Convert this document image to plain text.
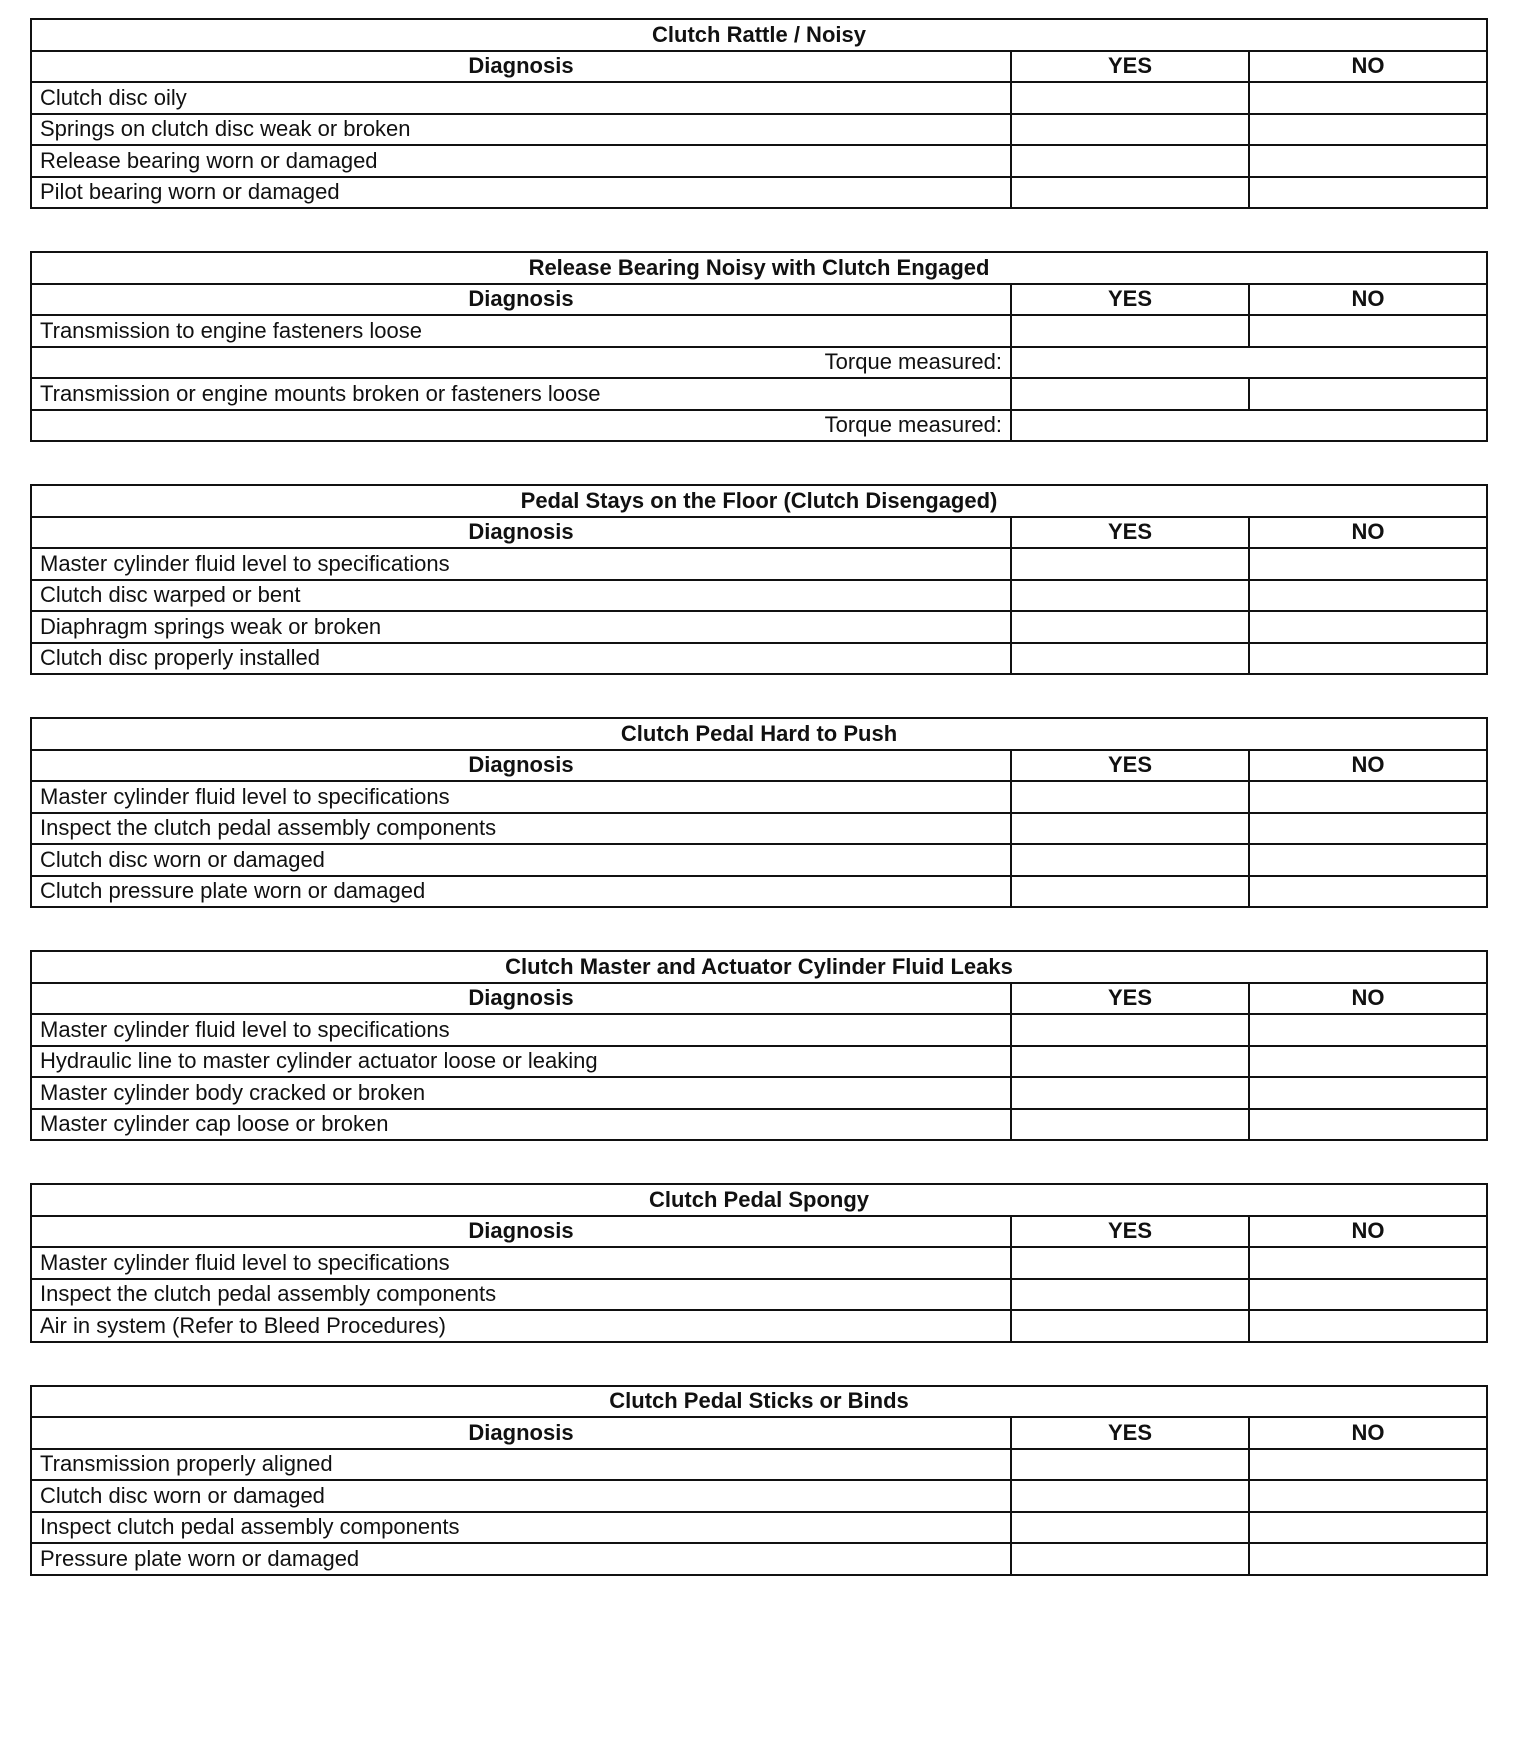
Clutch Rattle / Noisy		
Diagnosis	YES	NO
Clutch disc oily		
Springs on clutch disc weak or broken		
Release bearing worn or damaged		
Pilot bearing worn or damaged		
Release Bearing Noisy with Clutch Engaged		
Diagnosis	YES	NO
Transmission to engine fasteners loose		
Torque measured:		
Transmission or engine mounts broken or fasteners loose		
Torque measured:		
Pedal Stays on the Floor (Clutch Disengaged)		
Diagnosis	YES	NO
Master cylinder fluid level to specifications		
Clutch disc warped or bent		
Diaphragm springs weak or broken		
Clutch disc properly installed		
Clutch Pedal Hard to Push		
Diagnosis	YES	NO
Master cylinder fluid level to specifications		
Inspect the clutch pedal assembly components		
Clutch disc worn or damaged		
Clutch pressure plate worn or damaged		
Clutch Master and Actuator Cylinder Fluid Leaks		
Diagnosis	YES	NO
Master cylinder fluid level to specifications		
Hydraulic line to master cylinder actuator loose or leaking		
Master cylinder body cracked or broken		
Master cylinder cap loose or broken		
Clutch Pedal Spongy		
Diagnosis	YES	NO
Master cylinder fluid level to specifications		
Inspect the clutch pedal assembly components		
Air in system (Refer to Bleed Procedures)		
Clutch Pedal Sticks or Binds		
Diagnosis	YES	NO
Transmission properly aligned		
Clutch disc worn or damaged		
Inspect clutch pedal assembly components		
Pressure plate worn or damaged		
